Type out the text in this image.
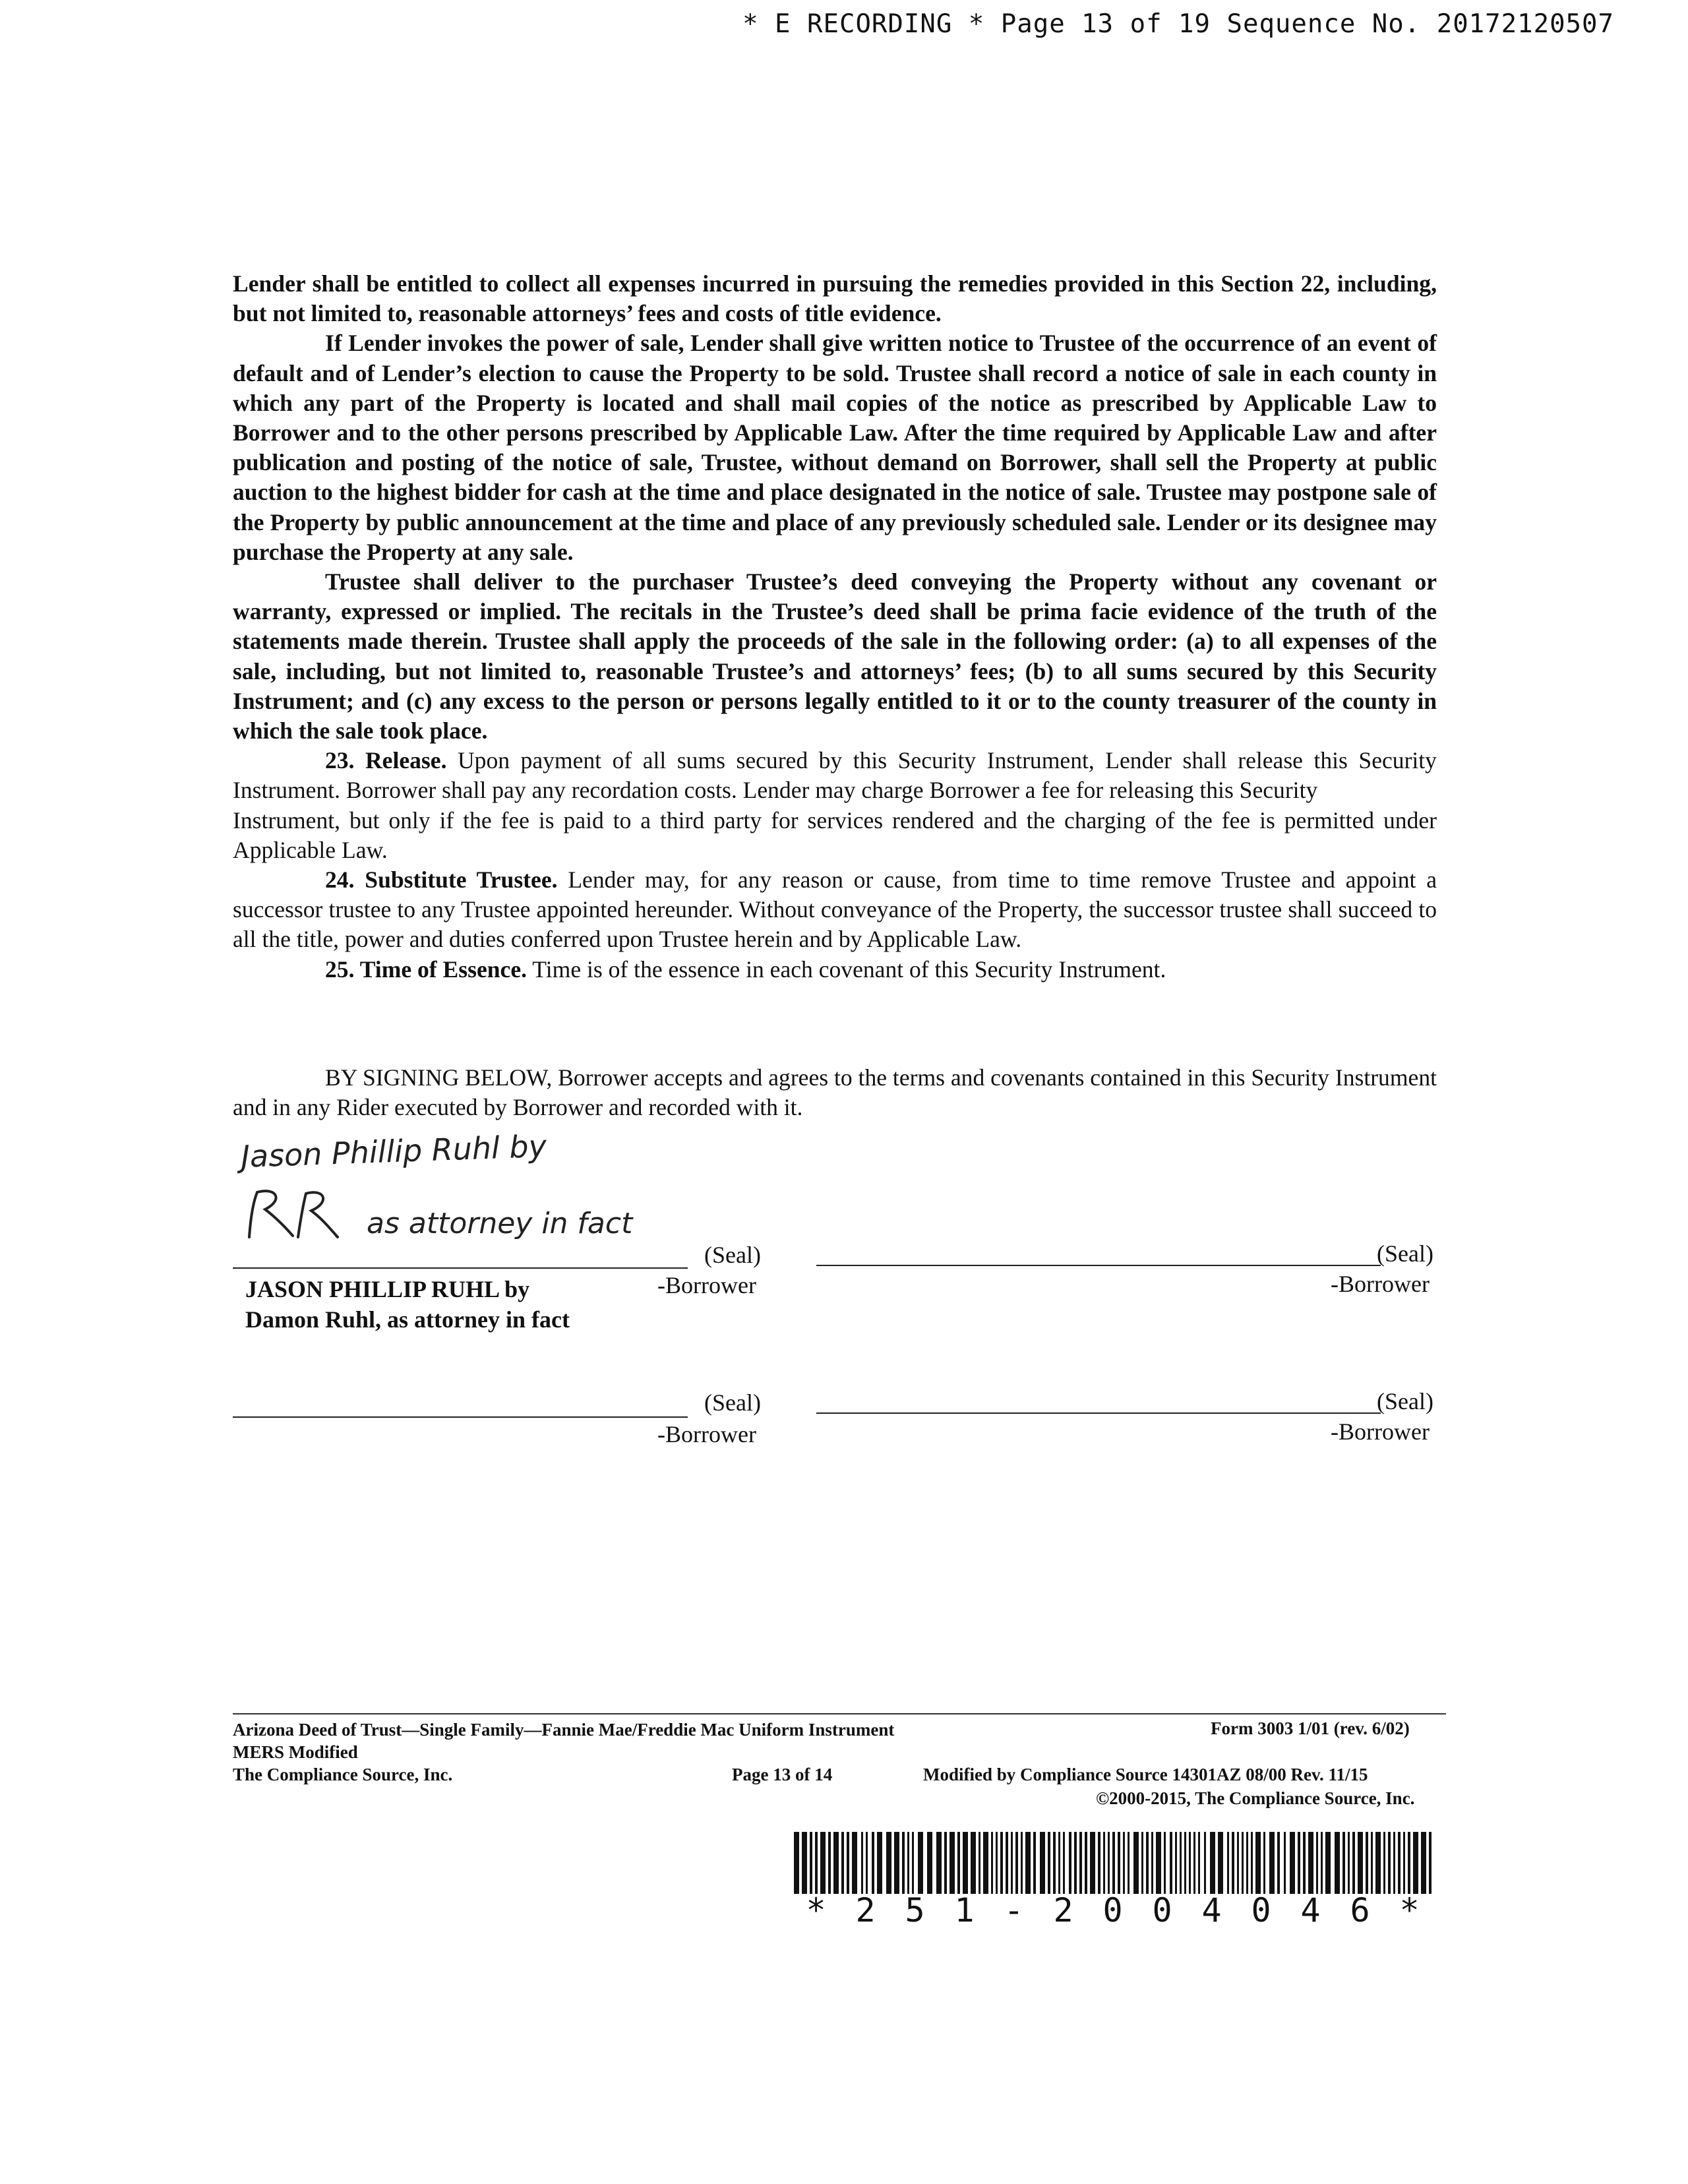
* E RECORDING * Page 13 of 19 Sequence No. 20172120507

Lender shall be entitled to collect all expenses incurred in pursuing the remedies provided in this Section 22, including, but not limited to, reasonable attorneys’ fees and costs of title evidence.

If Lender invokes the power of sale, Lender shall give written notice to Trustee of the occurrence of an event of default and of Lender’s election to cause the Property to be sold. Trustee shall record a notice of sale in each county in which any part of the Property is located and shall mail copies of the notice as prescribed by Applicable Law to Borrower and to the other persons prescribed by Applicable Law. After the time required by Applicable Law and after publication and posting of the notice of sale, Trustee, without demand on Borrower, shall sell the Property at public auction to the highest bidder for cash at the time and place designated in the notice of sale. Trustee may postpone sale of the Property by public announcement at the time and place of any previously scheduled sale. Lender or its designee may purchase the Property at any sale.

Trustee shall deliver to the purchaser Trustee’s deed conveying the Property without any covenant or warranty, expressed or implied. The recitals in the Trustee’s deed shall be prima facie evidence of the truth of the statements made therein. Trustee shall apply the proceeds of the sale in the following order: (a) to all expenses of the sale, including, but not limited to, reasonable Trustee’s and attorneys’ fees; (b) to all sums secured by this Security Instrument; and (c) any excess to the person or persons legally entitled to it or to the county treasurer of the county in which the sale took place.

23. Release. Upon payment of all sums secured by this Security Instrument, Lender shall release this Security Instrument. Borrower shall pay any recordation costs. Lender may charge Borrower a fee for releasing this Security

Instrument, but only if the fee is paid to a third party for services rendered and the charging of the fee is permitted under Applicable Law.

24. Substitute Trustee. Lender may, for any reason or cause, from time to time remove Trustee and appoint a successor trustee to any Trustee appointed hereunder. Without conveyance of the Property, the successor trustee shall succeed to all the title, power and duties conferred upon Trustee herein and by Applicable Law.

25. Time of Essence. Time is of the essence in each covenant of this Security Instrument.

BY SIGNING BELOW, Borrower accepts and agrees to the terms and covenants contained in this Security Instrument and in any Rider executed by Borrower and recorded with it.
Jason Phillip Ruhl by
as attorney in fact
(Seal)
-Borrower
JASON PHILLIP RUHL by
Damon Ruhl, as attorney in fact
(Seal)
-Borrower
(Seal)
-Borrower
(Seal)
-Borrower
Arizona Deed of Trust—Single Family—Fannie Mae/Freddie Mac Uniform Instrument	Form 3003 1/01 (rev. 6/02)
MERS Modified
The Compliance Source, Inc.	Page 13 of 14	Modified by Compliance Source 14301AZ 08/00 Rev. 11/15
©2000-2015, The Compliance Source, Inc.
* 2 5 1 - 2 0 0 4 0 4 6 *
